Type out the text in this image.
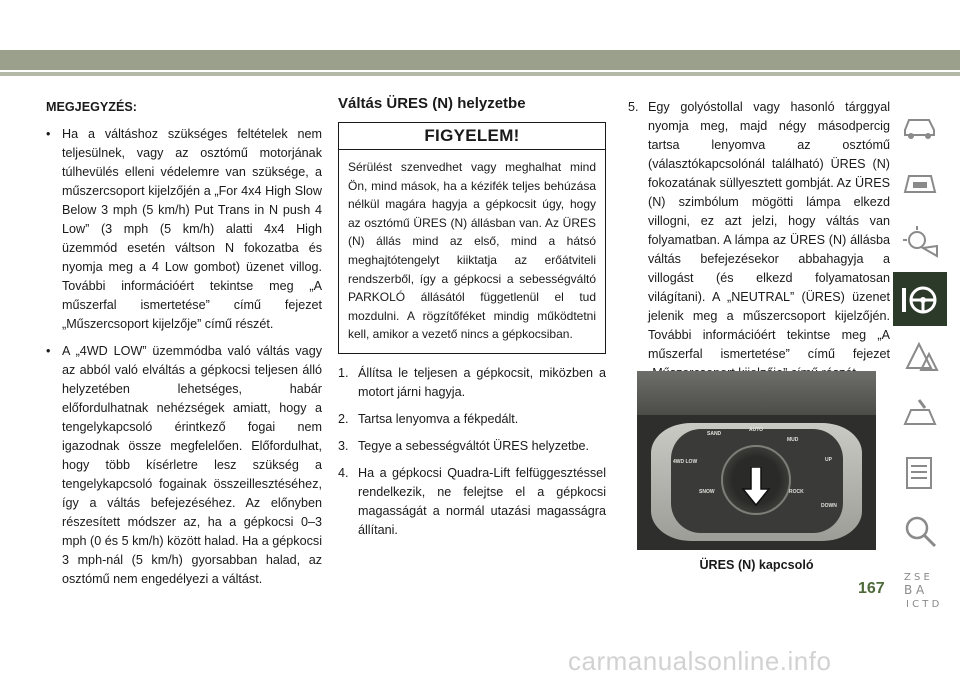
MEGJEGYZÉS:
• Ha a váltáshoz szükséges feltételek nem teljesülnek, vagy az osztómű motorjának túlhevülés elleni védelemre van szüksége, a műszercsoport kijelzőjén a „For 4x4 High Slow Below 3 mph (5 km/h) Put Trans in N push 4 Low” (3 mph (5 km/h) alatti 4x4 High üzemmód esetén váltson N fokozatba és nyomja meg a 4 Low gombot) üzenet villog. További információért tekintse meg „A műszerfal ismertetése” című fejezet „Műszercsoport kijelzője” című részét.
• A „4WD LOW” üzemmódba való váltás vagy az abból való elváltás a gépkocsi teljesen álló helyzetében lehetséges, habár előfordulhatnak nehézségek amiatt, hogy a tengelykapcsoló érintkező fogai nem igazodnak össze megfelelően. Előfordulhat, hogy több kísérletre lesz szükség a tengelykapcsoló fogainak összeillesztéséhez, így a váltás befejezéséhez. Az előnyben részesített módszer az, ha a gépkocsi 0–3 mph (0 és 5 km/h) között halad. Ha a gépkocsi 3 mph-nál (5 km/h) gyorsabban halad, az osztómű nem engedélyezi a váltást.
Váltás ÜRES (N) helyzetbe
FIGYELEM!
Sérülést szenvedhet vagy meghalhat mind Ön, mind mások, ha a kézifék teljes behúzása nélkül magára hagyja a gépkocsit úgy, hogy az osztómű ÜRES (N) állásban van. Az ÜRES (N) állás mind az első, mind a hátsó meghajtótengelyt kiiktatja az erőátviteli rendszerből, így a gépkocsi a sebességváltó PARKOLÓ állásától függetlenül el tud mozdulni. A rögzítőféket mindig működtetni kell, amikor a vezető nincs a gépkocsiban.
1. Állítsa le teljesen a gépkocsit, miközben a motort járni hagyja.
2. Tartsa lenyomva a fékpedált.
3. Tegye a sebességváltót ÜRES helyzetbe.
4. Ha a gépkocsi Quadra-Lift felfüggesztéssel rendelkezik, ne felejtse el a gépkocsi magasságát a normál utazási magasságra állítani.
5. Egy golyóstollal vagy hasonló tárggyal nyomja meg, majd négy másodpercig tartsa lenyomva az osztómű (választókapcsolónál található) ÜRES (N) fokozatának süllyesztett gombját. Az ÜRES (N) szimbólum mögötti lámpa elkezd villogni, ez azt jelzi, hogy váltás van folyamatban. A lámpa az ÜRES (N) állásba váltás befejezésekor abbahagyja a villogást (és elkezd folyamatosan világítani). A „NEUTRAL” (ÜRES) üzenet jelenik meg a műszercsoport kijelzőjén. További információért tekintse meg „A műszerfal ismertetése” című fejezet
SAND
AUTO
MUD
SNOW	ROCK
4WD LOW	UP
DOWN
ÜRES (N) kapcsoló
Z S E
B A
I C T D
167
carmanualsonline.info
